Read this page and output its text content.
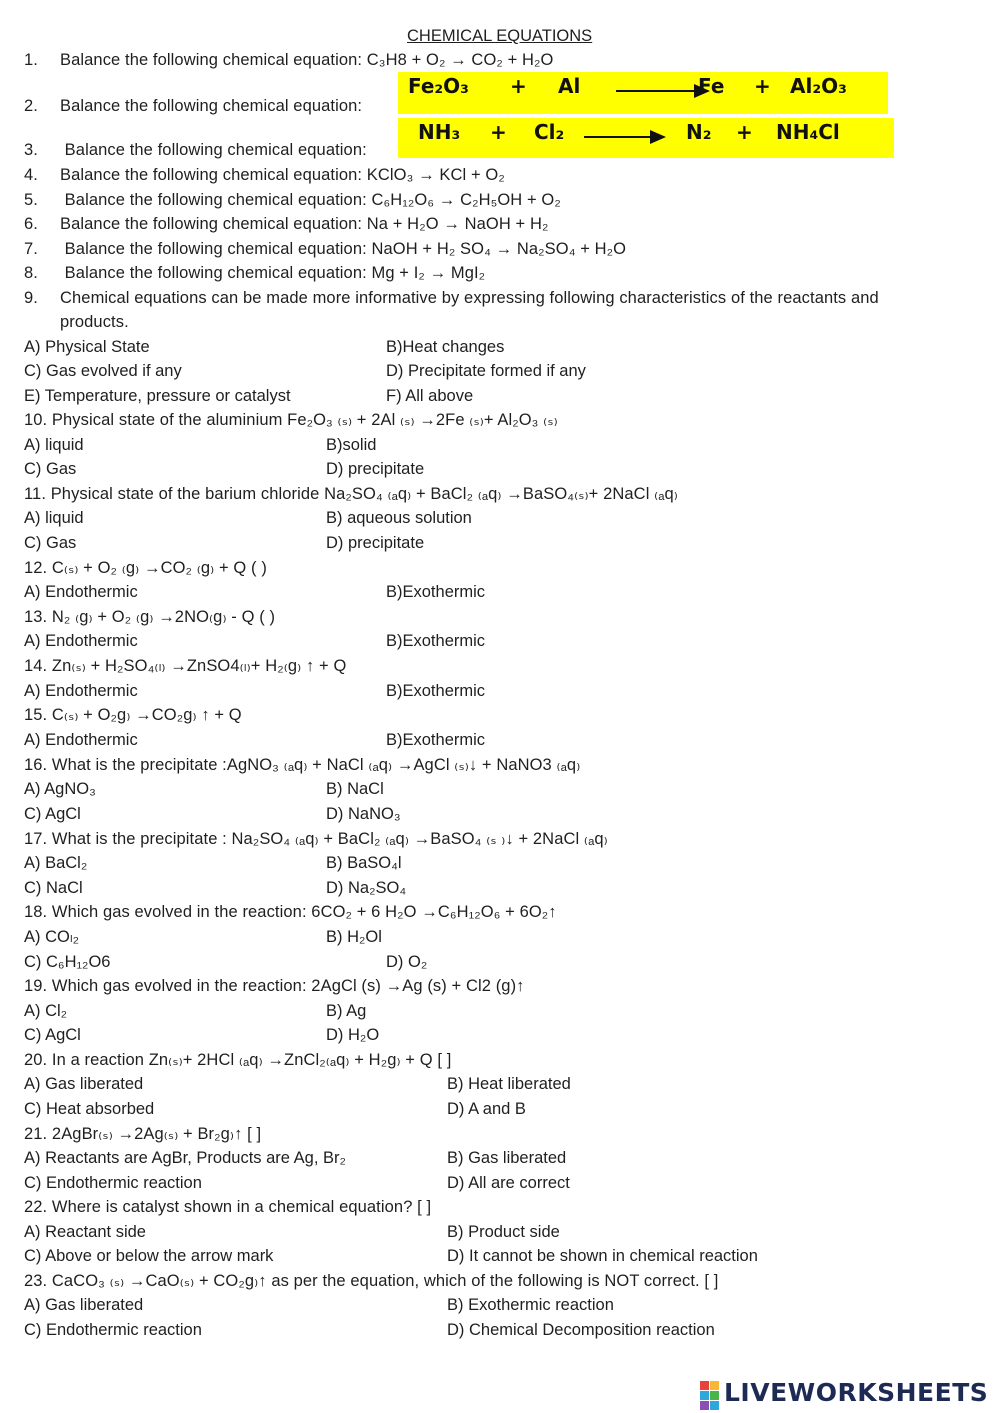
CHEMICAL EQUATIONS
1. Balance the following chemical equation: C₃H8 + O₂ → CO₂ + H₂O
2. Balance the following chemical equation:
Fe₂O₃ + Al	Fe + Al₂O₃
3. Balance the following chemical equation:
NH₃ + Cl₂	N₂ + NH₄Cl
4. Balance the following chemical equation: KClO₃ → KCl + O₂
5. Balance the following chemical equation: C₆H₁₂O₆ → C₂H₅OH + O₂
6. Balance the following chemical equation: Na + H₂O → NaOH + H₂
7. Balance the following chemical equation: NaOH + H₂ SO₄ → Na₂SO₄ + H₂O
8. Balance the following chemical equation: Mg + I₂ → MgI₂
9. Chemical equations can be made more informative by expressing following characteristics of the reactants and
products.
A) Physical State	B)Heat changes
C) Gas evolved if any	D) Precipitate formed if any
E) Temperature, pressure or catalyst	F) All above
10. Physical state of the aluminium Fe₂O₃ ₍ₛ₎ + 2Al ₍ₛ₎ →2Fe ₍ₛ₎+ Al₂O₃ ₍ₛ₎
A) liquid	B)solid
C) Gas	D) precipitate
11. Physical state of the barium chloride Na₂SO₄ ₍ₐq₎ + BaCl₂ ₍ₐq₎ →BaSO₄₍ₛ₎+ 2NaCl ₍ₐq₎
A) liquid	B) aqueous solution
C) Gas	D) precipitate
12. C₍ₛ₎ + O₂ ₍g₎ →CO₂ ₍g₎ + Q ( )
A) Endothermic	B)Exothermic
13. N₂ ₍g₎ + O₂ ₍g₎ →2NO₍g₎ - Q ( )
A) Endothermic	B)Exothermic
14. Zn₍ₛ₎ + H₂SO₄₍ₗ₎ →ZnSO4₍ₗ₎+ H₂₍g₎ ↑ + Q
A) Endothermic	B)Exothermic
15. C₍ₛ₎ + O₂g₎ →CO₂g₎ ↑ + Q
A) Endothermic	B)Exothermic
16. What is the precipitate :AgNO₃ ₍ₐq₎ + NaCl ₍ₐq₎ →AgCl ₍ₛ₎↓ + NaNO3 ₍ₐq₎
A) AgNO₃	B) NaCl
C) AgCl	D) NaNO₃
17. What is the precipitate : Na₂SO₄ ₍ₐq₎ + BaCl₂ ₍ₐq₎ →BaSO₄ ₍ₛ ₎↓ + 2NaCl ₍ₐq₎
A) BaCl₂	B) BaSO₄l
C) NaCl	D) Na₂SO₄
18. Which gas evolved in the reaction: 6CO₂ + 6 H₂O →C₆H₁₂O₆ + 6O₂↑
A) COₗ₂	B) H₂Ol
C) C₆H₁₂O6	D) O₂
19. Which gas evolved in the reaction: 2AgCl (s) →Ag (s) + Cl2 (g)↑
A) Cl₂	B) Ag
C) AgCl	D) H₂O
20. In a reaction Zn₍ₛ₎+ 2HCl ₍ₐq₎ →ZnCl₂₍ₐq₎ + H₂g₎ + Q [ ]
A) Gas liberated	B) Heat liberated
C) Heat absorbed	D) A and B
21. 2AgBr₍ₛ₎ →2Ag₍ₛ₎ + Br₂g₎↑ [ ]
A) Reactants are AgBr, Products are Ag, Br₂	B) Gas liberated
C) Endothermic reaction	D) All are correct
22. Where is catalyst shown in a chemical equation? [ ]
A) Reactant side	B) Product side
C) Above or below the arrow mark	D) It cannot be shown in chemical reaction
23. CaCO₃ ₍ₛ₎ →CaO₍ₛ₎ + CO₂g₎↑ as per the equation, which of the following is NOT correct. [ ]
A) Gas liberated	B) Exothermic reaction
C) Endothermic reaction	D) Chemical Decomposition reaction
LIVEWORKSHEETS
